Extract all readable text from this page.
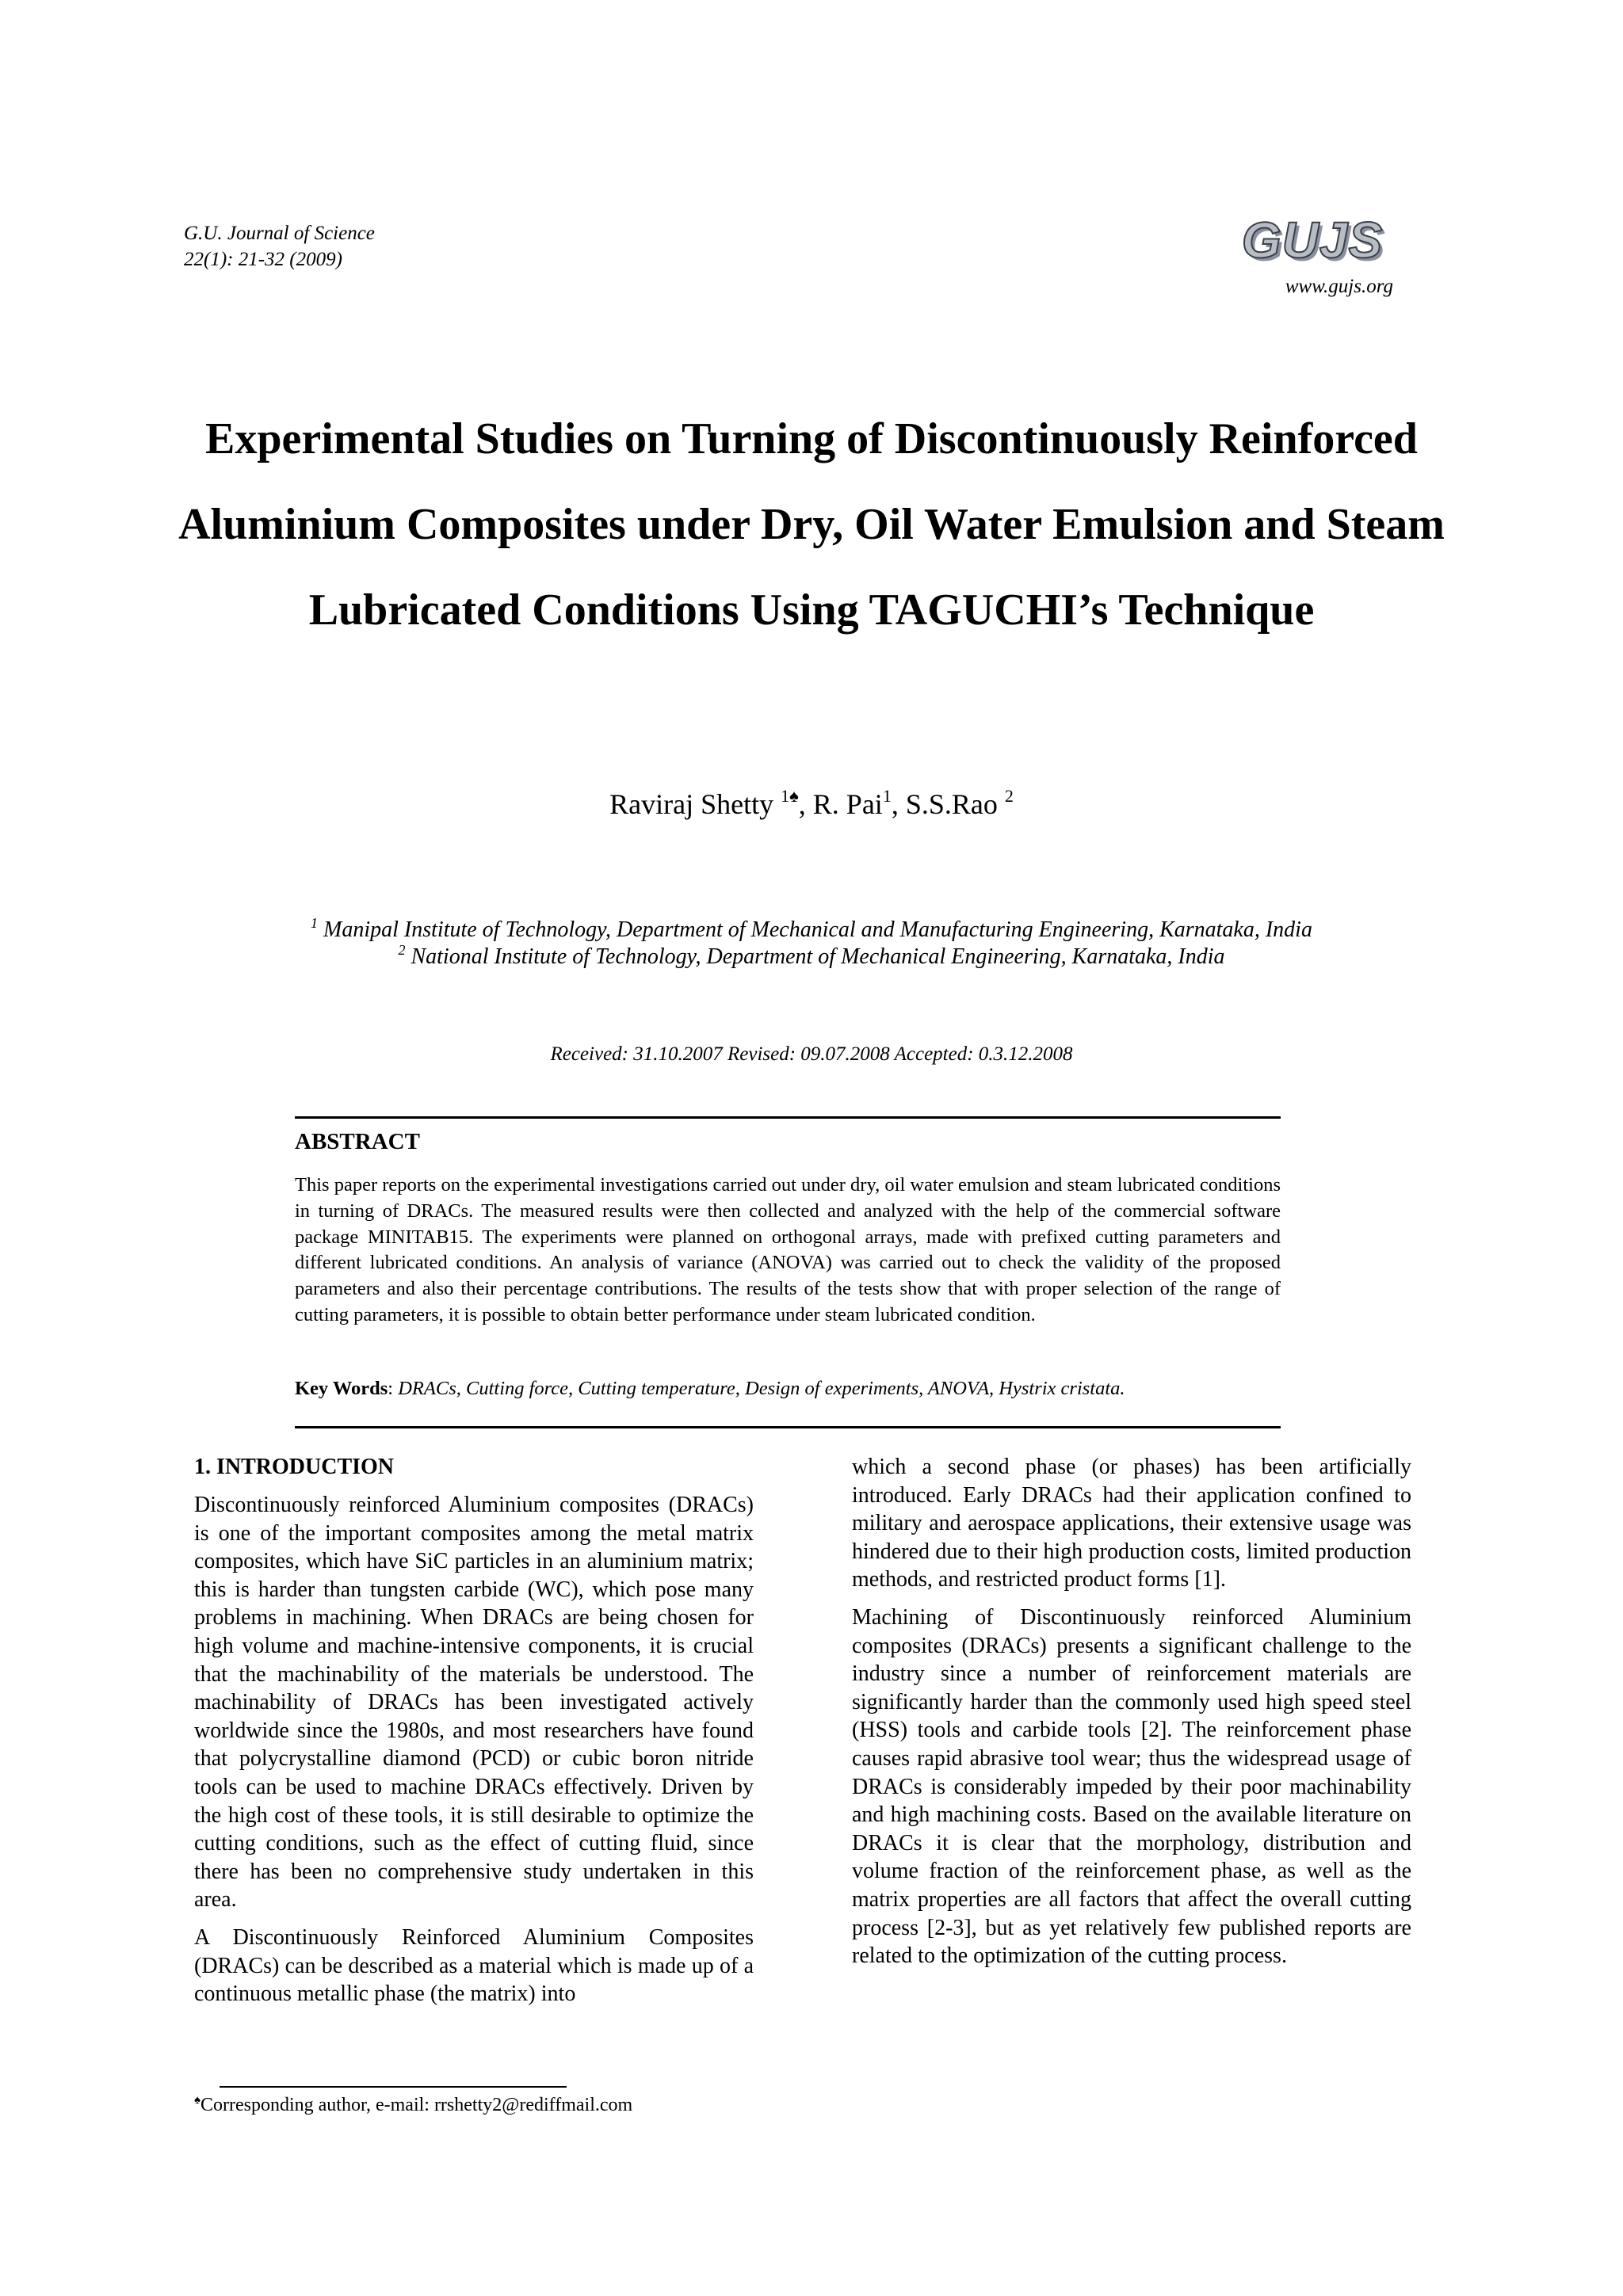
G.U. Journal of Science
22(1): 21-32 (2009)	GUJS
www.gujs.org
Experimental Studies on Turning of Discontinuously Reinforced Aluminium Composites under Dry, Oil Water Emulsion and Steam Lubricated Conditions Using TAGUCHI’s Technique
Raviraj Shetty $^{1♠}$, R. Pai$^1$, S.S.Rao $^2$
$^1$ Manipal Institute of Technology, Department of Mechanical and Manufacturing Engineering, Karnataka, India
$^2$ National Institute of Technology, Department of Mechanical Engineering, Karnataka, India
Received: 31.10.2007 Revised: 09.07.2008 Accepted: 0.3.12.2008
ABSTRACT
This paper reports on the experimental investigations carried out under dry, oil water emulsion and steam lubricated conditions in turning of DRACs. The measured results were then collected and analyzed with the help of the commercial software package MINITAB15. The experiments were planned on orthogonal arrays, made with prefixed cutting parameters and different lubricated conditions. An analysis of variance (ANOVA) was carried out to check the validity of the proposed parameters and also their percentage contributions. The results of the tests show that with proper selection of the range of cutting parameters, it is possible to obtain better performance under steam lubricated condition.
Key Words: DRACs, Cutting force, Cutting temperature, Design of experiments, ANOVA, Hystrix cristata.
1. INTRODUCTION
Discontinuously reinforced Aluminium composites (DRACs) is one of the important composites among the metal matrix composites, which have SiC particles in an aluminium matrix; this is harder than tungsten carbide (WC), which pose many problems in machining. When DRACs are being chosen for high volume and machine-intensive components, it is crucial that the machinability of the materials be understood. The machinability of DRACs has been investigated actively worldwide since the 1980s, and most researchers have found that polycrystalline diamond (PCD) or cubic boron nitride tools can be used to machine DRACs effectively. Driven by the high cost of these tools, it is still desirable to optimize the cutting conditions, such as the effect of cutting fluid, since there has been no comprehensive study undertaken in this area.
A Discontinuously Reinforced Aluminium Composites (DRACs) can be described as a material which is made up of a continuous metallic phase (the matrix) into
which a second phase (or phases) has been artificially introduced. Early DRACs had their application confined to military and aerospace applications, their extensive usage was hindered due to their high production costs, limited production methods, and restricted product forms [1].
Machining of Discontinuously reinforced Aluminium composites (DRACs) presents a significant challenge to the industry since a number of reinforcement materials are significantly harder than the commonly used high speed steel (HSS) tools and carbide tools [2]. The reinforcement phase causes rapid abrasive tool wear; thus the widespread usage of DRACs is considerably impeded by their poor machinability and high machining costs. Based on the available literature on DRACs it is clear that the morphology, distribution and volume fraction of the reinforcement phase, as well as the matrix properties are all factors that affect the overall cutting process [2-3], but as yet relatively few published reports are related to the optimization of the cutting process.
♠Corresponding author, e-mail: rrshetty2@rediffmail.com
